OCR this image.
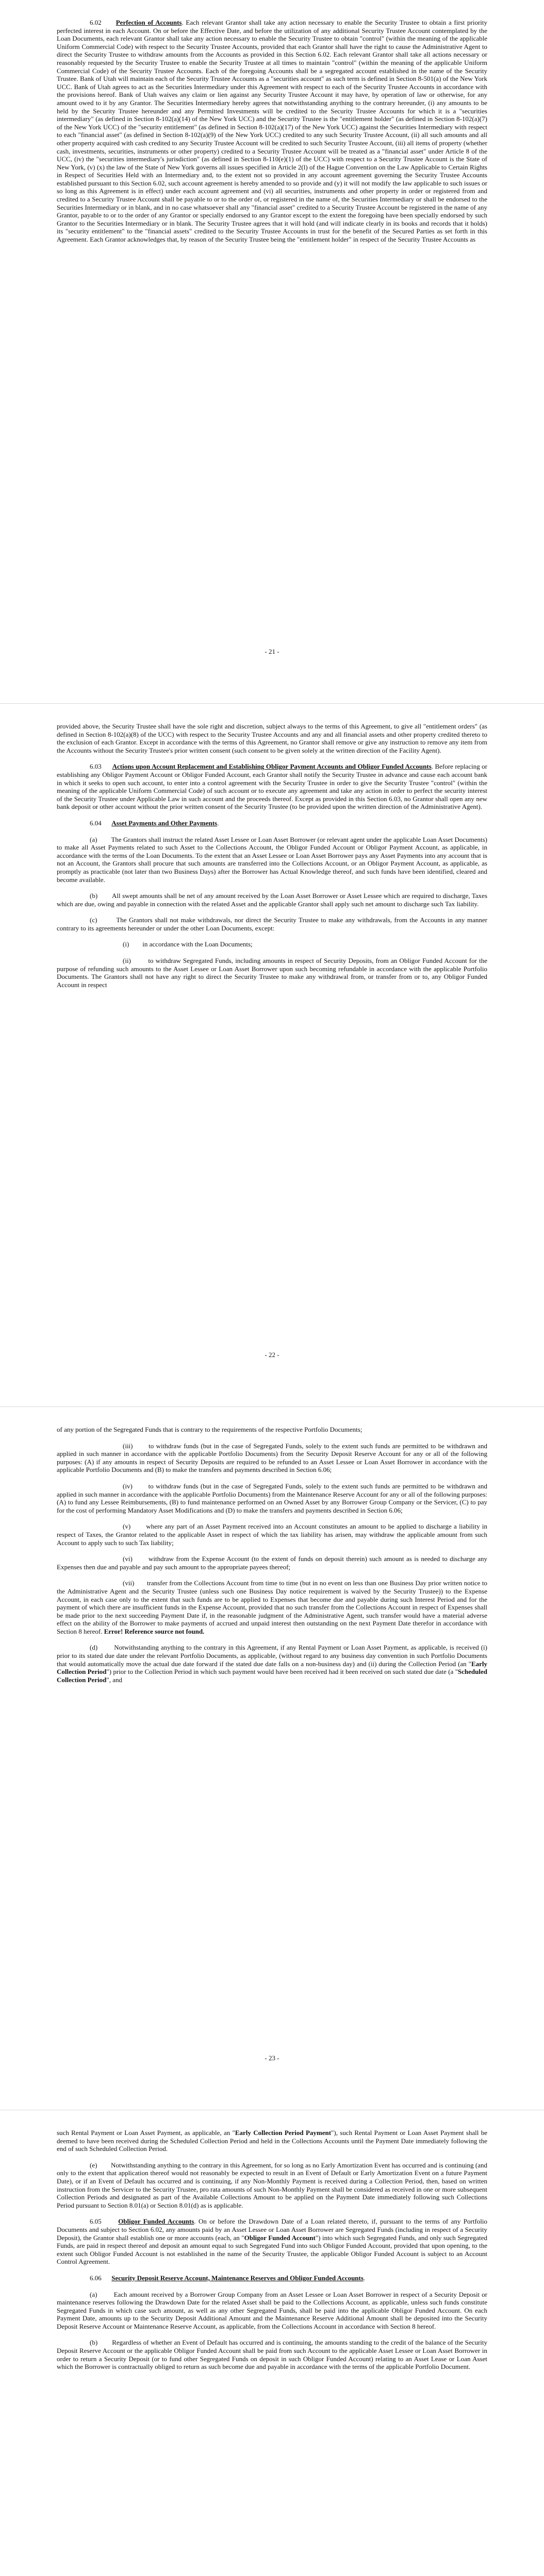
6.02 Perfection of Accounts. Each relevant Grantor shall take any action necessary to enable the Security Trustee to obtain a first priority perfected interest in each Account. On or before the Effective Date, and before the utilization of any additional Security Trustee Account contemplated by the Loan Documents, each relevant Grantor shall take any action necessary to enable the Security Trustee to obtain "control" (within the meaning of the applicable Uniform Commercial Code) with respect to the Security Trustee Accounts, provided that each Grantor shall have the right to cause the Administrative Agent to direct the Security Trustee to withdraw amounts from the Accounts as provided in this Section 6.02. Each relevant Grantor shall take all actions necessary or reasonably requested by the Security Trustee to enable the Security Trustee at all times to maintain "control" (within the meaning of the applicable Uniform Commercial Code) of the Security Trustee Accounts. Each of the foregoing Accounts shall be a segregated account established in the name of the Security Trustee. Bank of Utah will maintain each of the Security Trustee Accounts as a "securities account" as such term is defined in Section 8-501(a) of the New York UCC. Bank of Utah agrees to act as the Securities Intermediary under this Agreement with respect to each of the Security Trustee Accounts in accordance with the provisions hereof. Bank of Utah waives any claim or lien against any Security Trustee Account it may have, by operation of law or otherwise, for any amount owed to it by any Grantor. The Securities Intermediary hereby agrees that notwithstanding anything to the contrary hereunder, (i) any amounts to be held by the Security Trustee hereunder and any Permitted Investments will be credited to the Security Trustee Accounts for which it is a "securities intermediary" (as defined in Section 8-102(a)(14) of the New York UCC) and the Security Trustee is the "entitlement holder" (as defined in Section 8-102(a)(7) of the New York UCC) of the "security entitlement" (as defined in Section 8-102(a)(17) of the New York UCC) against the Securities Intermediary with respect to each "financial asset" (as defined in Section 8-102(a)(9) of the New York UCC) credited to any such Security Trustee Account, (ii) all such amounts and all other property acquired with cash credited to any Security Trustee Account will be credited to such Security Trustee Account, (iii) all items of property (whether cash, investments, securities, instruments or other property) credited to a Security Trustee Account will be treated as a "financial asset" under Article 8 of the UCC, (iv) the "securities intermediary's jurisdiction" (as defined in Section 8-110(e)(1) of the UCC) with respect to a Security Trustee Account is the State of New York, (v) (x) the law of the State of New York governs all issues specified in Article 2(l) of the Hague Convention on the Law Applicable to Certain Rights in Respect of Securities Held with an Intermediary and, to the extent not so provided in any account agreement governing the Security Trustee Accounts established pursuant to this Section 6.02, such account agreement is hereby amended to so provide and (y) it will not modify the law applicable to such issues or so long as this Agreement is in effect) under each account agreement and (vi) all securities, instruments and other property in order or registered from and credited to a Security Trustee Account shall be payable to or to the order of, or registered in the name of, the Securities Intermediary or shall be endorsed to the Securities Intermediary or in blank, and in no case whatsoever shall any "financial asset" credited to a Security Trustee Account be registered in the name of any Grantor, payable to or to the order of any Grantor or specially endorsed to any Grantor except to the extent the foregoing have been specially endorsed by such Grantor to the Securities Intermediary or in blank. The Security Trustee agrees that it will hold (and will indicate clearly in its books and records that it holds) its "security entitlement" to the "financial assets" credited to the Security Trustee Accounts in trust for the benefit of the Secured Parties as set forth in this Agreement. Each Grantor acknowledges that, by reason of the Security Trustee being the "entitlement holder" in respect of the Security Trustee Accounts as

- 21 -

provided above, the Security Trustee shall have the sole right and discretion, subject always to the terms of this Agreement, to give all "entitlement orders" (as defined in Section 8-102(a)(8) of the UCC) with respect to the Security Trustee Accounts and any and all financial assets and other property credited thereto to the exclusion of each Grantor. Except in accordance with the terms of this Agreement, no Grantor shall remove or give any instruction to remove any item from the Accounts without the Security Trustee's prior written consent (such consent to be given solely at the written direction of the Facility Agent).

6.03 Actions upon Account Replacement and Establishing Obligor Payment Accounts and Obligor Funded Accounts. Before replacing or establishing any Obligor Payment Account or Obligor Funded Account, each Grantor shall notify the Security Trustee in advance and cause each account bank in which it seeks to open such account, to enter into a control agreement with the Security Trustee in order to give the Security Trustee "control" (within the meaning of the applicable Uniform Commercial Code) of such account or to execute any agreement and take any action in order to perfect the security interest of the Security Trustee under Applicable Law in such account and the proceeds thereof. Except as provided in this Section 6.03, no Grantor shall open any new bank deposit or other account without the prior written consent of the Security Trustee (to be provided upon the written direction of the Administrative Agent).

6.04 Asset Payments and Other Payments.

(a) The Grantors shall instruct the related Asset Lessee or Loan Asset Borrower (or relevant agent under the applicable Loan Asset Documents) to make all Asset Payments related to such Asset to the Collections Account, the Obligor Funded Account or Obligor Payment Account, as applicable, in accordance with the terms of the Loan Documents. To the extent that an Asset Lessee or Loan Asset Borrower pays any Asset Payments into any account that is not an Account, the Grantors shall procure that such amounts are transferred into the Collections Account, or an Obligor Payment Account, as applicable, as promptly as practicable (not later than two Business Days) after the Borrower has Actual Knowledge thereof, and such funds have been identified, cleared and become available.

(b) All swept amounts shall be net of any amount received by the Loan Asset Borrower or Asset Lessee which are required to discharge, Taxes which are due, owing and payable in connection with the related Asset and the applicable Grantor shall apply such net amount to discharge such Tax liability.

(c)	The Grantors shall not make withdrawals, nor direct the Security Trustee to make any withdrawals, from the Accounts in any manner contrary to its agreements hereunder or under the other Loan Documents, except:

(i) in accordance with the Loan Documents;

(ii)	to withdraw Segregated Funds, including amounts in respect of Security Deposits, from an Obligor Funded Account for the purpose of refunding such amounts to the Asset Lessee or Loan Asset Borrower upon such becoming refundable in accordance with the applicable Portfolio Documents. The Grantors shall not have any right to direct the Security Trustee to make any withdrawal from, or transfer from or to, any Obligor Funded Account in respect

- 22 -

of any portion of the Segregated Funds that is contrary to the requirements of the respective Portfolio Documents;

(iii) to withdraw funds (but in the case of Segregated Funds, solely to the extent such funds are permitted to be withdrawn and applied in such manner in accordance with the applicable Portfolio Documents) from the Security Deposit Reserve Account for any or all of the following purposes: (A) if any amounts in respect of Security Deposits are required to be refunded to an Asset Lessee or Loan Asset Borrower in accordance with the applicable Portfolio Documents and (B) to make the transfers and payments described in Section 6.06;

(iv) to withdraw funds (but in the case of Segregated Funds, solely to the extent such funds are permitted to be withdrawn and applied in such manner in accordance with the applicable Portfolio Documents) from the Maintenance Reserve Account for any or all of the following purposes: (A) to fund any Lessee Reimbursements, (B) to fund maintenance performed on an Owned Asset by any Borrower Group Company or the Servicer, (C) to pay for the cost of performing Mandatory Asset Modifications and (D) to make the transfers and payments described in Section 6.06;

(v) where any part of an Asset Payment received into an Account constitutes an amount to be applied to discharge a liability in respect of Taxes, the Grantor related to the applicable Asset in respect of which the tax liability has arisen, may withdraw the applicable amount from such Account to apply such to such Tax liability;

(vi) withdraw from the Expense Account (to the extent of funds on deposit therein) such amount as is needed to discharge any Expenses then due and payable and pay such amount to the appropriate payees thereof;

(vii) transfer from the Collections Account from time to time (but in no event on less than one Business Day prior written notice to the Administrative Agent and the Security Trustee (unless such one Business Day notice requirement is waived by the Security Trustee)) to the Expense Account, in each case only to the extent that such funds are to be applied to Expenses that become due and payable during such Interest Period and for the payment of which there are insufficient funds in the Expense Account, provided that no such transfer from the Collections Account in respect of Expenses shall be made prior to the next succeeding Payment Date if, in the reasonable judgment of the Administrative Agent, such transfer would have a material adverse effect on the ability of the Borrower to make payments of accrued and unpaid interest then outstanding on the next Payment Date therefor in accordance with Section 8 hereof. Error! Reference source not found.

(d) Notwithstanding anything to the contrary in this Agreement, if any Rental Payment or Loan Asset Payment, as applicable, is received (i) prior to its stated due date under the relevant Portfolio Documents, as applicable, (without regard to any business day convention in such Portfolio Documents that would automatically move the actual due date forward if the stated due date falls on a non-business day) and (ii) during the Collection Period (an "Early Collection Period") prior to the Collection Period in which such payment would have been received had it been received on such stated due date (a "Scheduled Collection Period", and

- 23 -

such Rental Payment or Loan Asset Payment, as applicable, an "Early Collection Period Payment"), such Rental Payment or Loan Asset Payment shall be deemed to have been received during the Scheduled Collection Period and held in the Collections Accounts until the Payment Date immediately following the end of such Scheduled Collection Period.

(e) Notwithstanding anything to the contrary in this Agreement, for so long as no Early Amortization Event has occurred and is continuing (and only to the extent that application thereof would not reasonably be expected to result in an Event of Default or Early Amortization Event on a future Payment Date), or if an Event of Default has occurred and is continuing, if any Non-Monthly Payment is received during a Collection Period, then, based on written instruction from the Servicer to the Security Trustee, pro rata amounts of such Non-Monthly Payment shall be considered as received in one or more subsequent Collection Periods and designated as part of the Available Collections Amount to be applied on the Payment Date immediately following such Collections Period pursuant to Section 8.01(a) or Section 8.01(d) as is applicable.

6.05 Obligor Funded Accounts. On or before the Drawdown Date of a Loan related thereto, if, pursuant to the terms of any Portfolio Documents and subject to Section 6.02, any amounts paid by an Asset Lessee or Loan Asset Borrower are Segregated Funds (including in respect of a Security Deposit), the Grantor shall establish one or more accounts (each, an "Obligor Funded Account") into which such Segregated Funds, and only such Segregated Funds, are paid in respect thereof and deposit an amount equal to such Segregated Fund into such Obligor Funded Account, provided that upon opening, to the extent such Obligor Funded Account is not established in the name of the Security Trustee, the applicable Obligor Funded Account is subject to an Account Control Agreement.

6.06 Security Deposit Reserve Account, Maintenance Reserves and Obligor Funded Accounts.

(a) Each amount received by a Borrower Group Company from an Asset Lessee or Loan Asset Borrower in respect of a Security Deposit or maintenance reserves following the Drawdown Date for the related Asset shall be paid to the Collections Account, as applicable, unless such funds constitute Segregated Funds in which case such amount, as well as any other Segregated Funds, shall be paid into the applicable Obligor Funded Account. On each Payment Date, amounts up to the Security Deposit Additional Amount and the Maintenance Reserve Additional Amount shall be deposited into the Security Deposit Reserve Account or Maintenance Reserve Account, as applicable, from the Collections Account in accordance with Section 8 hereof.

(b) Regardless of whether an Event of Default has occurred and is continuing, the amounts standing to the credit of the balance of the Security Deposit Reserve Account or the applicable Obligor Funded Account shall be paid from such Account to the applicable Asset Lessee or Loan Asset Borrower in order to return a Security Deposit (or to fund other Segregated Funds on deposit in such Obligor Funded Account) relating to an Asset Lease or Loan Asset which the Borrower is contractually obliged to return as such become due and payable in accordance with the terms of the applicable Portfolio Document.
